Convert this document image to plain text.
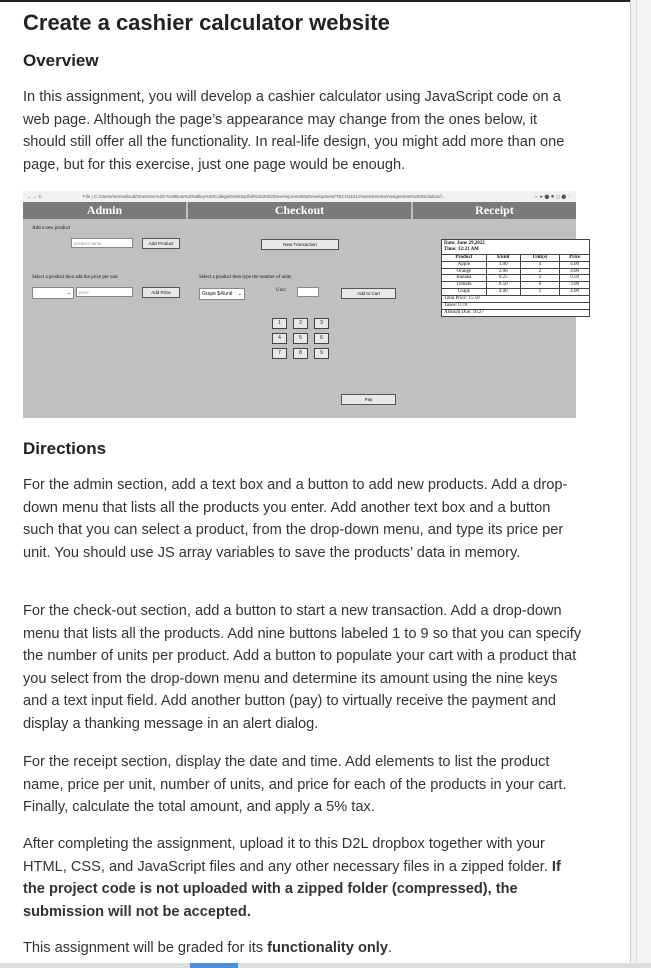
Create a cashier calculator website
Overview

In this assignment, you will develop a cashier calculator using JavaScript code on a web page. Although the page’s appearance may change from the ones below, it should still offer all the functionality. In real-life design, you might add more than one page, but for this exercise, just one page would be enough.

Directions

For the admin section, add a text box and a button to add new products. Add a drop-down menu that lists all the products you enter. Add another text box and a button such that you can select a product, from the drop-down menu, and type its price per unit. You should use JS array variables to save the products’ data in memory.

For the check-out section, add a button to start a new transaction. Add a drop-down menu that lists all the products. Add nine buttons labeled 1 to 9 so that you can specify the number of units per product. Add a button to populate your cart with a product that you select from the drop-down menu and determine its amount using the nine keys and a text input field. Add another button (pay) to virtually receive the payment and display a thanking message in an alert dialog.

For the receipt section, display the date and time. Add elements to list the product name, price per unit, number of units, and price for each of the products in your cart. Finally, calculate the total amount, and apply a 5% tax.

After completing the assignment, upload it to this D2L dropbox together with your HTML, CSS, and JavaScript files and any other necessary files in a zipped folder. If the project code is not uploaded with a zipped folder (compressed), the submission will not be accepted.

This assignment will be graded for its functionality only.

← → C	File | C:/Users/menseilsod/OneDrive%20-%20Bow%20Valley%20College/Desktop/fall%202022/Development/MyDevelopment/TECH1101/Assessments/Assignment%203/Solution/i...	☆ ★ ⬤ ✱ ▢ ⬤ ⋮
Admin
Add a new product
product name	Add Product
Select a product then add the price per unit
⌄	price	Add Price
Checkout
New Transaction
Select a product then type the number of units
Grape $4/unit ⌄
Unit:
Add to Cart
1	2	3
4	5	6
7	8	9
Pay
Receipt
Date: June 29,2022
Time: 12:21 AM
Product	$/unit	Unit(s)	Price
Apple	1.00	4	4.00
Orange	2.00	2	4.00
Banana	0.25	2	0.50
Tomato	0.50	6	3.00
Grape	4.00	1	4.00
Total Price: 15.50
Taxes: 0.78
Amount Due: 16.27
